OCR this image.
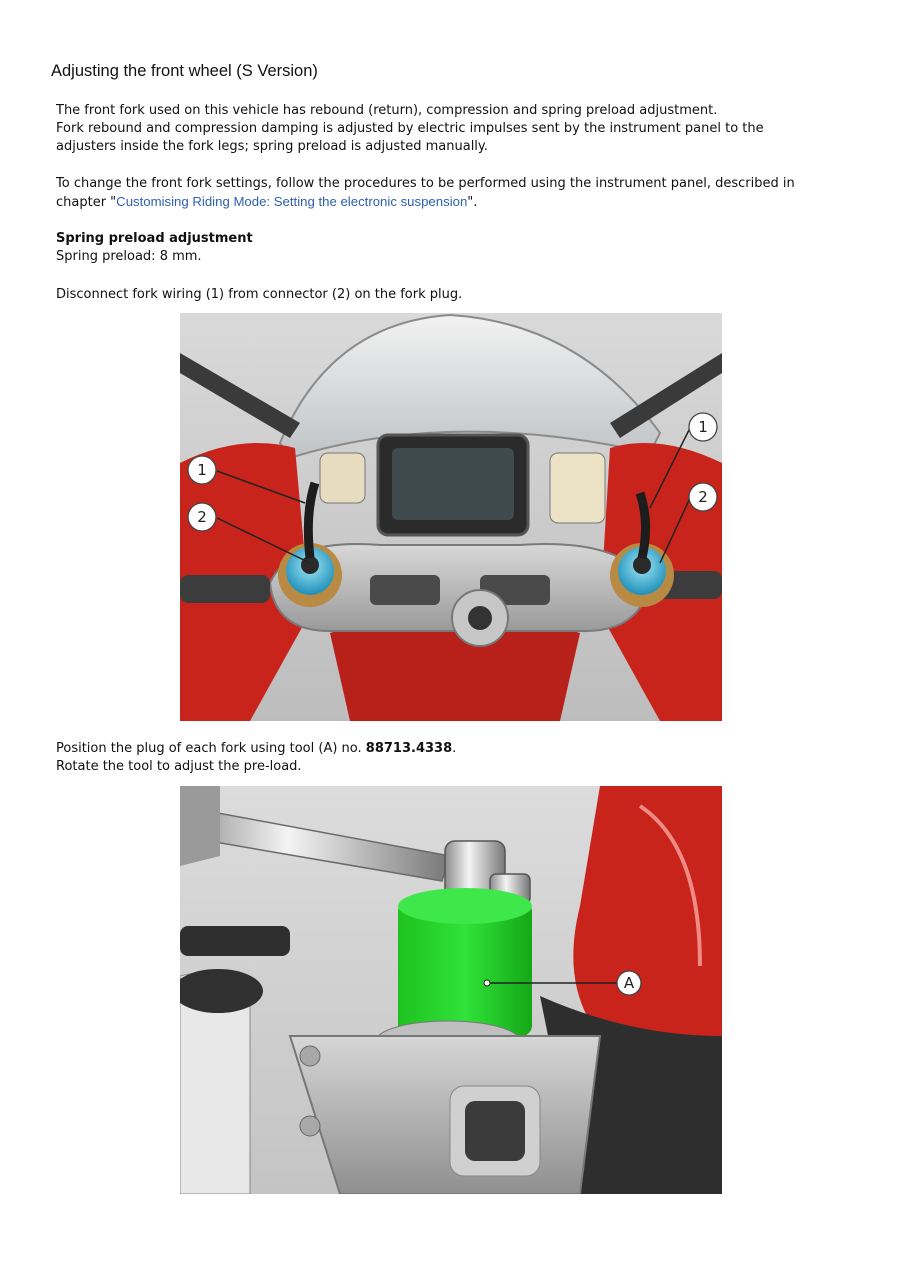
Adjusting the front wheel (S Version)
The front fork used on this vehicle has rebound (return), compression and spring preload adjustment.
Fork rebound and compression damping is adjusted by electric impulses sent by the instrument panel to the
adjusters inside the fork legs; spring preload is adjusted manually.
To change the front fork settings, follow the procedures to be performed using the instrument panel, described in
chapter "Customising Riding Mode: Setting the electronic suspension".
Spring preload adjustment
Spring preload: 8 mm.
Disconnect fork wiring (1) from connector (2) on the fork plug.
1
2
1
2
Position the plug of each fork using tool (A) no. 88713.4338.
Rotate the tool to adjust the pre-load.
A
